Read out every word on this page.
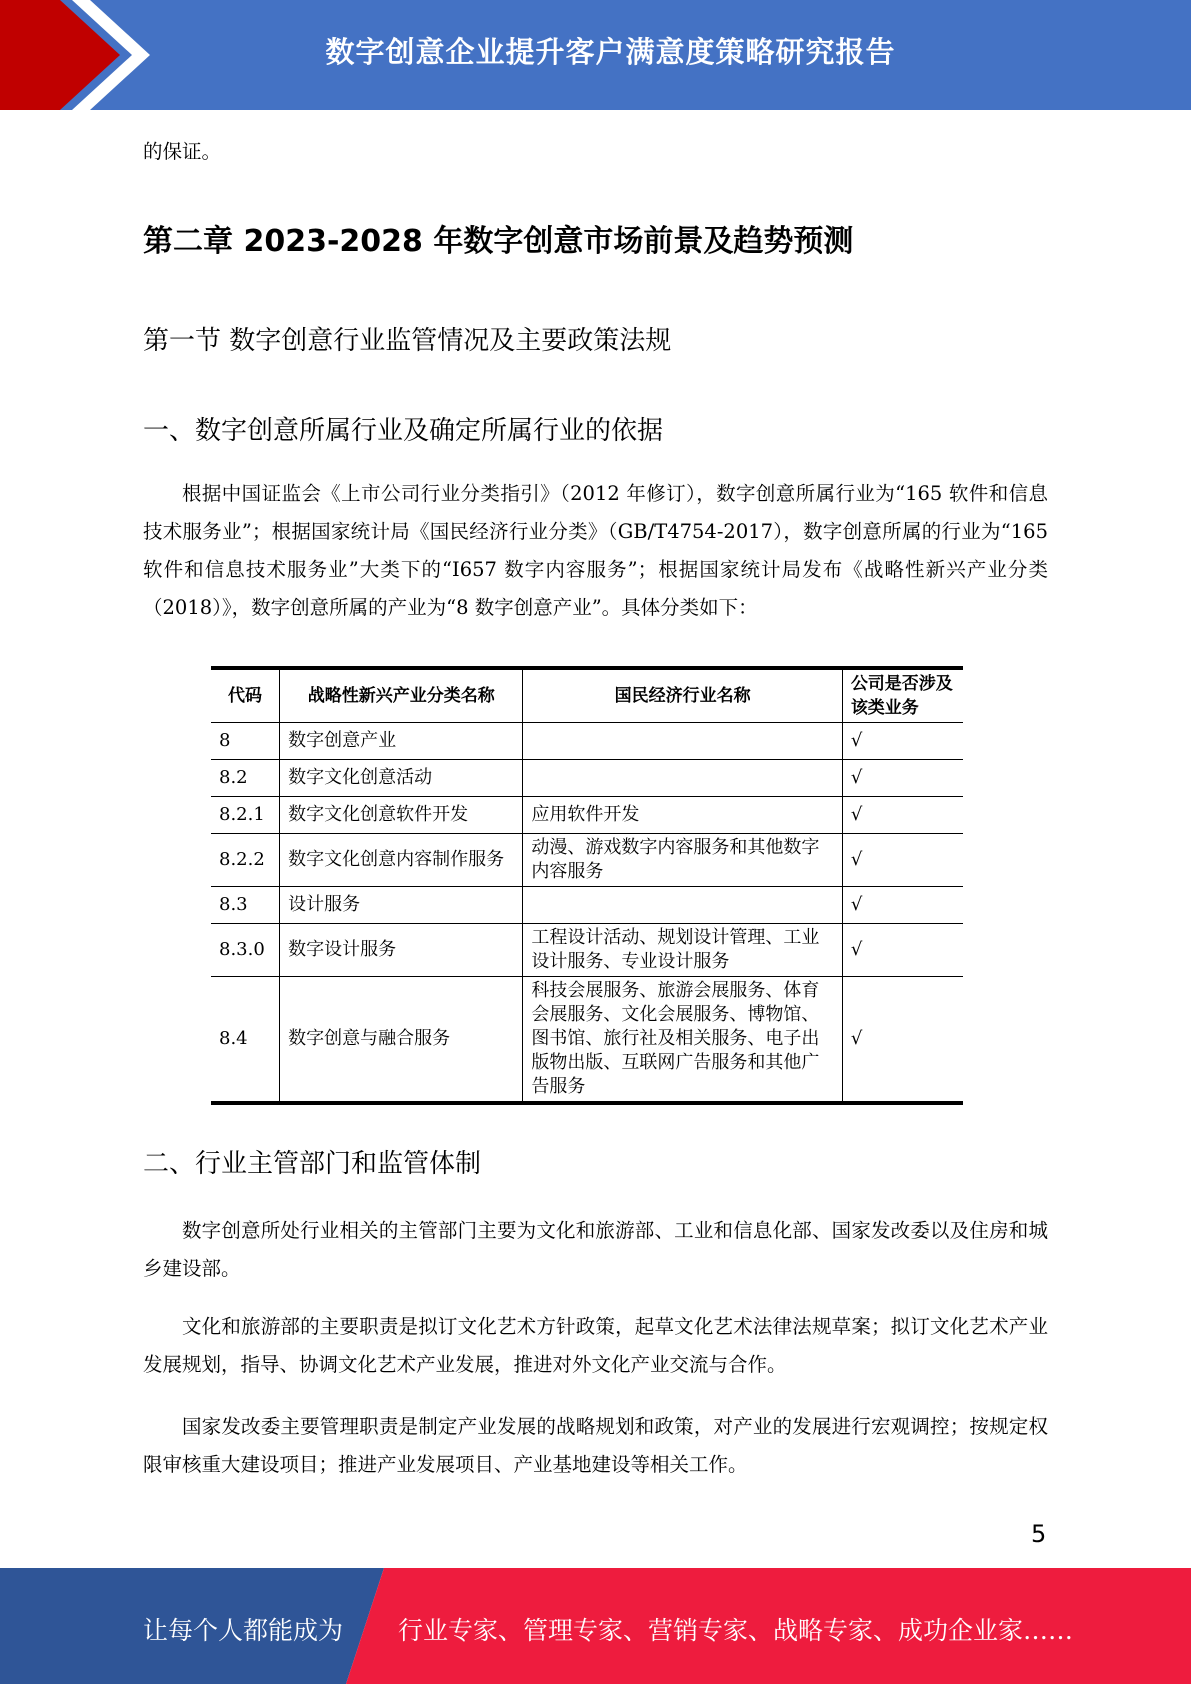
数字创意企业提升客户满意度策略研究报告
的保证。
第二章 2023-2028 年数字创意市场前景及趋势预测
第一节 数字创意行业监管情况及主要政策法规
一、数字创意所属行业及确定所属行业的依据
根据中国证监会《上市公司行业分类指引》（2012 年修订），数字创意所属行业为“165 软件和信息技术服务业”；根据国家统计局《国民经济行业分类》（GB/T4754-2017），数字创意所属的行业为“165 软件和信息技术服务业”大类下的“I657 数字内容服务”；根据国家统计局发布《战略性新兴产业分类（2018）》，数字创意所属的产业为“8 数字创意产业”。具体分类如下：
代码	战略性新兴产业分类名称	国民经济行业名称	公司是否涉及该类业务
8	数字创意产业		√
8.2	数字文化创意活动		√
8.2.1	数字文化创意软件开发	应用软件开发	√
8.2.2	数字文化创意内容制作服务	动漫、游戏数字内容服务和其他数字内容服务	√
8.3	设计服务		√
8.3.0	数字设计服务	工程设计活动、规划设计管理、工业设计服务、专业设计服务	√
8.4	数字创意与融合服务	科技会展服务、旅游会展服务、体育会展服务、文化会展服务、博物馆、图书馆、旅行社及相关服务、电子出版物出版、互联网广告服务和其他广告服务	√
二、行业主管部门和监管体制
数字创意所处行业相关的主管部门主要为文化和旅游部、工业和信息化部、国家发改委以及住房和城乡建设部。
文化和旅游部的主要职责是拟订文化艺术方针政策，起草文化艺术法律法规草案；拟订文化艺术产业发展规划，指导、协调文化艺术产业发展，推进对外文化产业交流与合作。
国家发改委主要管理职责是制定产业发展的战略规划和政策，对产业的发展进行宏观调控；按规定权限审核重大建设项目；推进产业发展项目、产业基地建设等相关工作。
5
让每个人都能成为 行业专家、管理专家、营销专家、战略专家、成功企业家……
